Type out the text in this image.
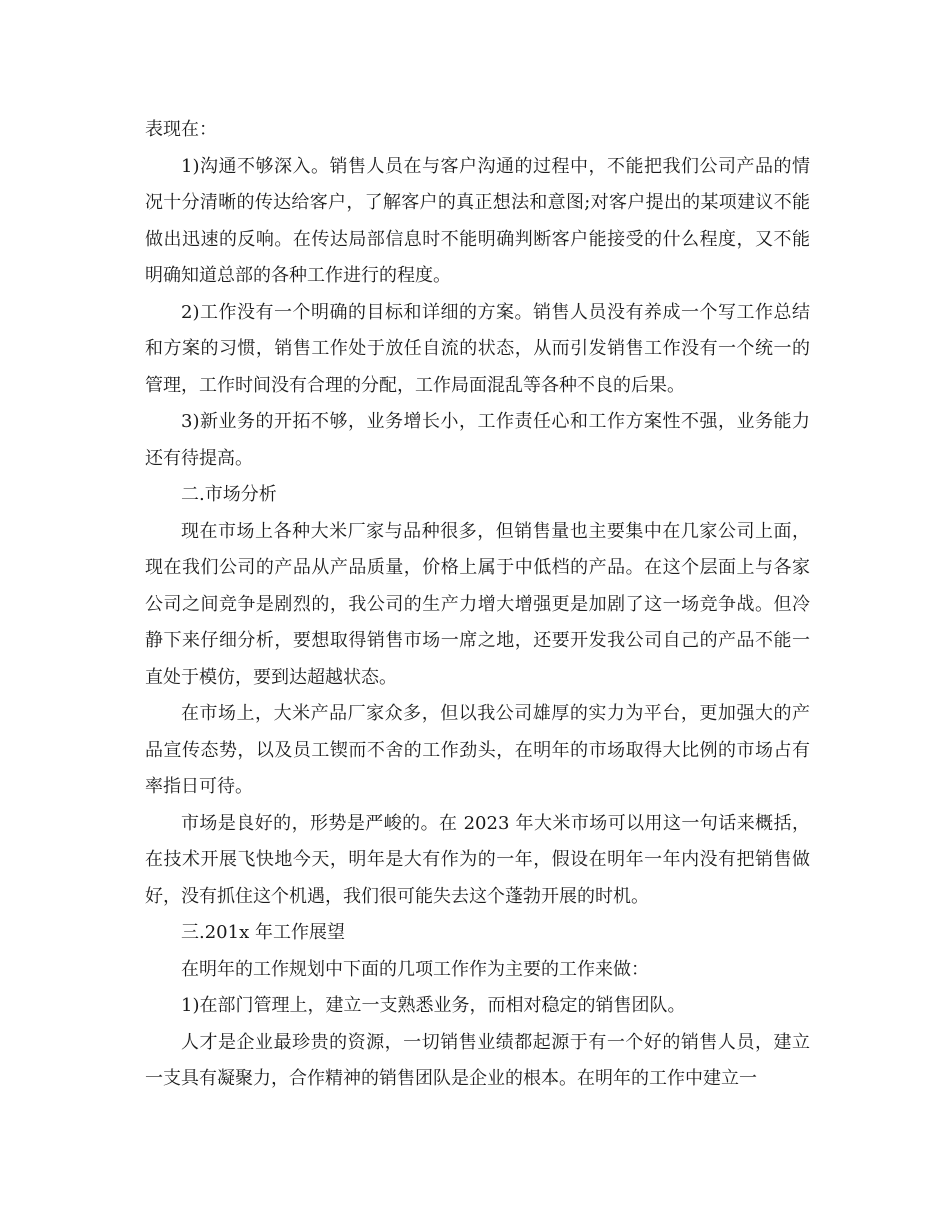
表现在：

1)沟通不够深入。销售人员在与客户沟通的过程中，不能把我们公司产品的情况十分清晰的传达给客户，了解客户的真正想法和意图;对客户提出的某项建议不能做出迅速的反响。在传达局部信息时不能明确判断客户能接受的什么程度，又不能明确知道总部的各种工作进行的程度。

2)工作没有一个明确的目标和详细的方案。销售人员没有养成一个写工作总结和方案的习惯，销售工作处于放任自流的状态，从而引发销售工作没有一个统一的管理，工作时间没有合理的分配，工作局面混乱等各种不良的后果。

3)新业务的开拓不够，业务增长小，工作责任心和工作方案性不强，业务能力还有待提高。

二.市场分析

现在市场上各种大米厂家与品种很多，但销售量也主要集中在几家公司上面，现在我们公司的产品从产品质量，价格上属于中低档的产品。在这个层面上与各家公司之间竞争是剧烈的，我公司的生产力增大增强更是加剧了这一场竞争战。但冷静下来仔细分析，要想取得销售市场一席之地，还要开发我公司自己的产品不能一直处于模仿，要到达超越状态。

在市场上，大米产品厂家众多，但以我公司雄厚的实力为平台，更加强大的产品宣传态势，以及员工锲而不舍的工作劲头，在明年的市场取得大比例的市场占有率指日可待。

市场是良好的，形势是严峻的。在 2023 年大米市场可以用这一句话来概括，在技术开展飞快地今天，明年是大有作为的一年，假设在明年一年内没有把销售做好，没有抓住这个机遇，我们很可能失去这个蓬勃开展的时机。

三.201x 年工作展望

在明年的工作规划中下面的几项工作作为主要的工作来做：

1)在部门管理上，建立一支熟悉业务，而相对稳定的销售团队。

人才是企业最珍贵的资源，一切销售业绩都起源于有一个好的销售人员，建立一支具有凝聚力，合作精神的销售团队是企业的根本。在明年的工作中建立一
